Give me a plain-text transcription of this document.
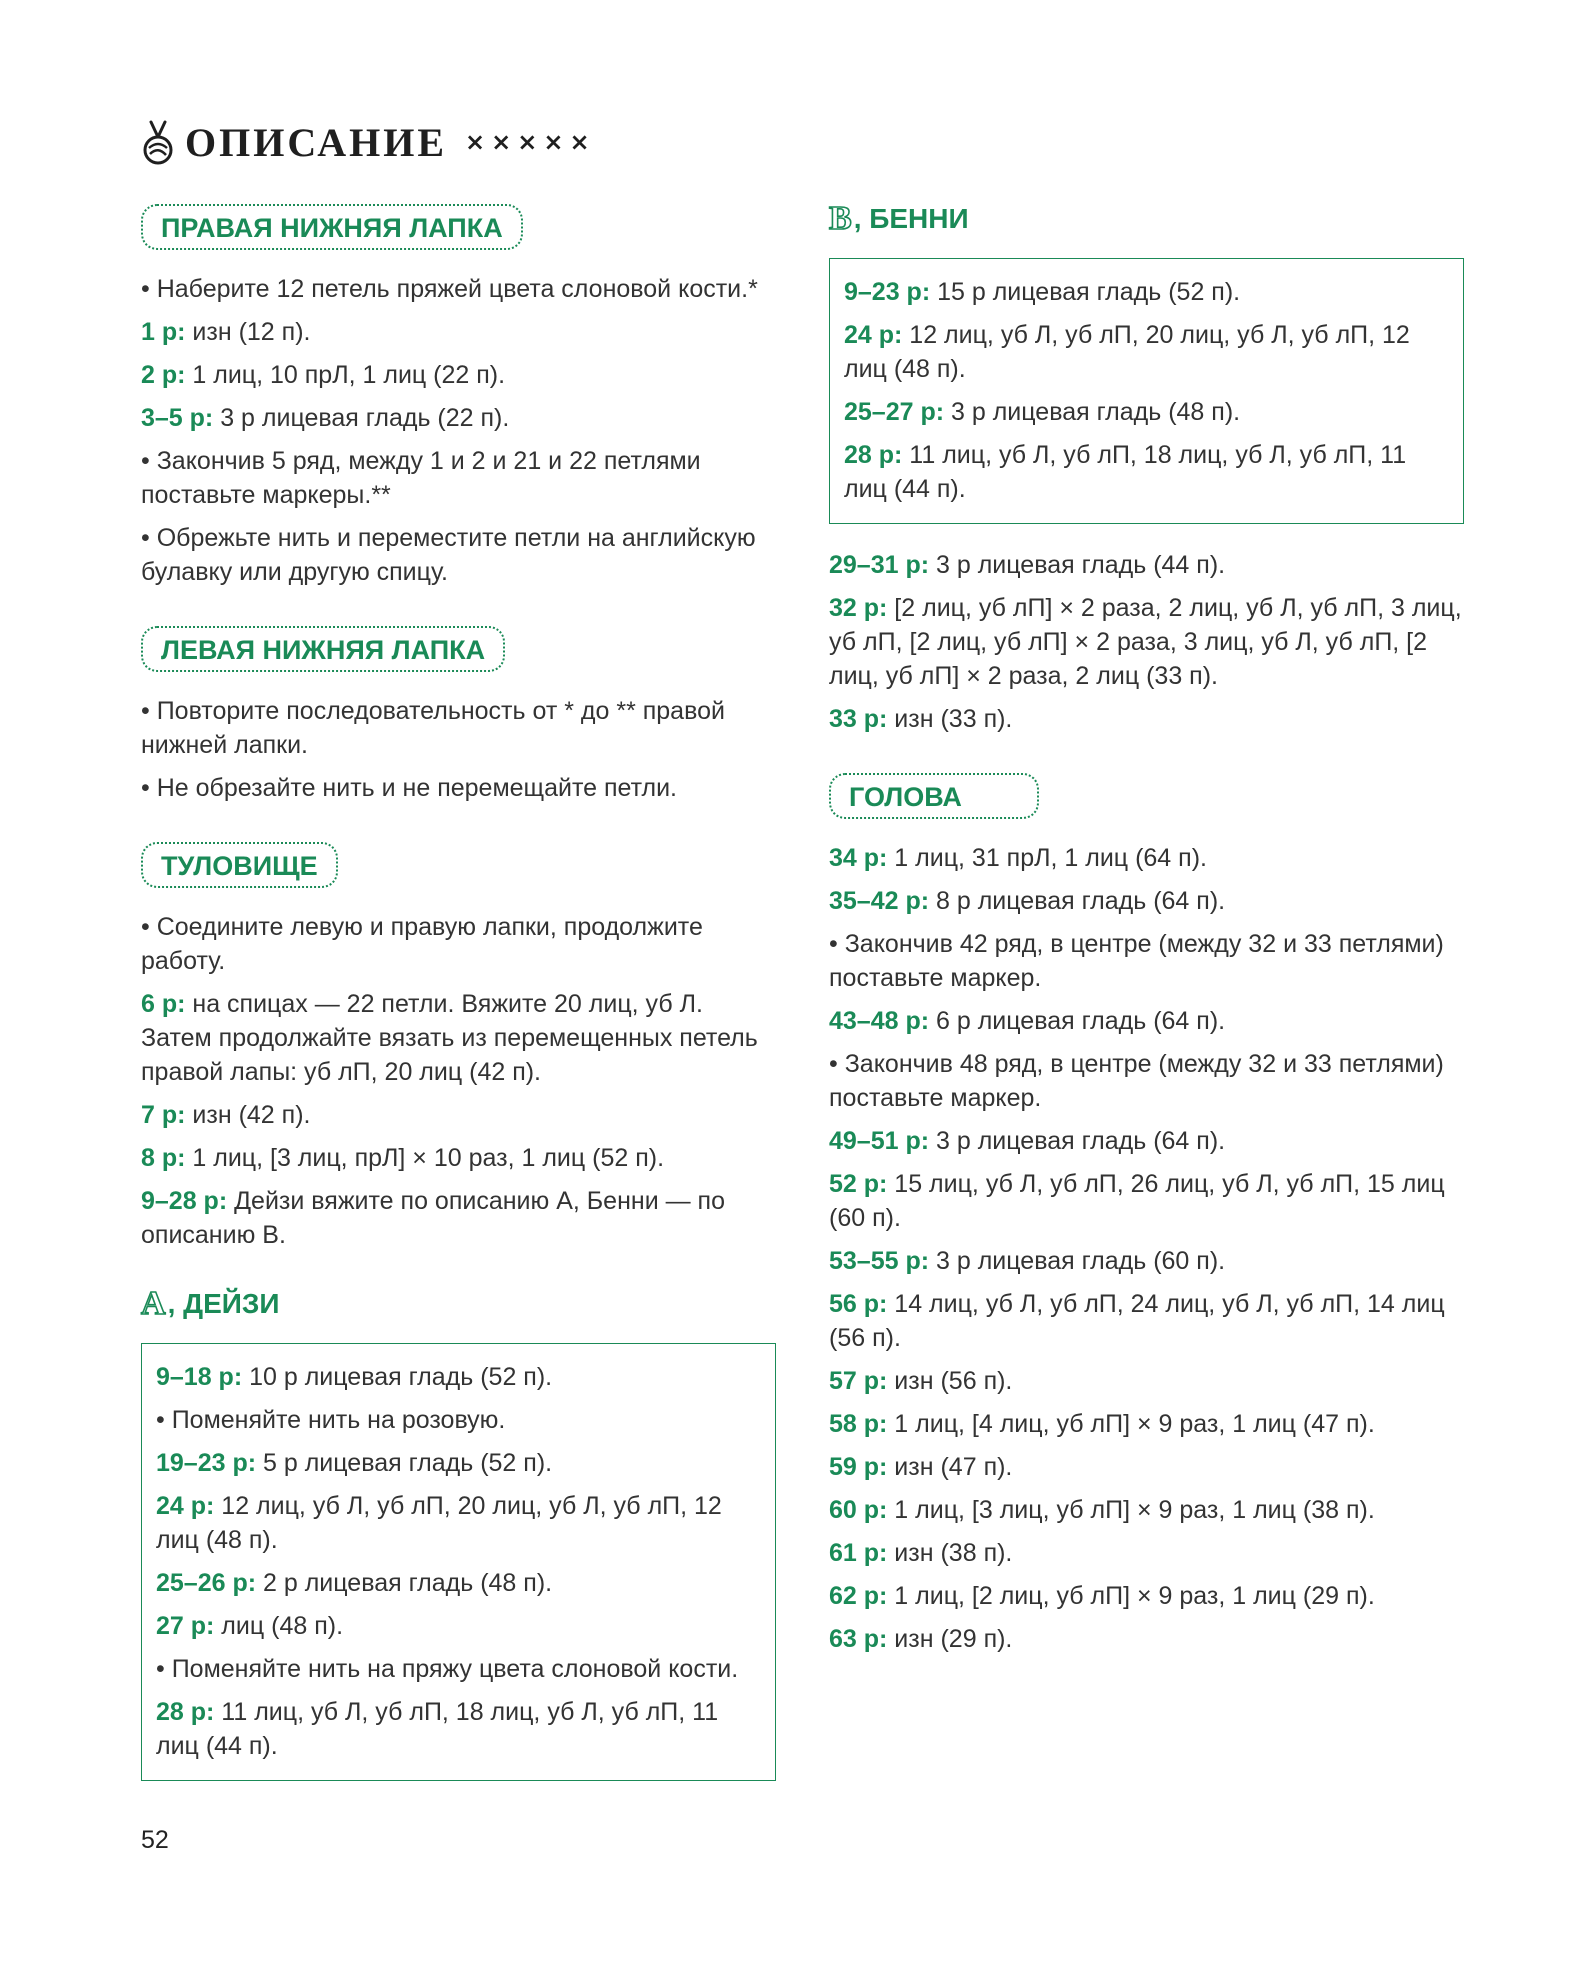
ОПИСАНИЕ ×××××
ПРАВАЯ НИЖНЯЯ ЛАПКА

• Наберите 12 петель пряжей цвета слоновой кости.*

1 р: изн (12 п).

2 р: 1 лиц, 10 прЛ, 1 лиц (22 п).

3–5 р: 3 р лицевая гладь (22 п).

• Закончив 5 ряд, между 1 и 2 и 21 и 22 петлями поставьте маркеры.**

• Обрежьте нить и переместите петли на английскую булавку или другую спицу.

ЛЕВАЯ НИЖНЯЯ ЛАПКА

• Повторите последовательность от * до ** правой нижней лапки.

• Не обрезайте нить и не перемещайте петли.

ТУЛОВИЩЕ

• Соедините левую и правую лапки, продолжите работу.

6 р: на спицах — 22 петли. Вяжите 20 лиц, уб Л. Затем продолжайте вязать из перемещенных петель правой лапы: уб лП, 20 лиц (42 п).

7 р: изн (42 п).

8 р: 1 лиц, [3 лиц, прЛ] × 10 раз, 1 лиц (52 п).

9–28 р: Дейзи вяжите по описанию А, Бенни — по описанию В.

A , ДЕЙЗИ

9–18 р: 10 р лицевая гладь (52 п).

• Поменяйте нить на розовую.

19–23 р: 5 р лицевая гладь (52 п).

24 р: 12 лиц, уб Л, уб лП, 20 лиц, уб Л, уб лП, 12 лиц (48 п).

25–26 р: 2 р лицевая гладь (48 п).

27 р: лиц (48 п).

• Поменяйте нить на пряжу цвета слоновой кости.

28 р: 11 лиц, уб Л, уб лП, 18 лиц, уб Л, уб лП, 11 лиц (44 п).

B , БЕННИ

9–23 р: 15 р лицевая гладь (52 п).

24 р: 12 лиц, уб Л, уб лП, 20 лиц, уб Л, уб лП, 12 лиц (48 п).

25–27 р: 3 р лицевая гладь (48 п).

28 р: 11 лиц, уб Л, уб лП, 18 лиц, уб Л, уб лП, 11 лиц (44 п).

29–31 р: 3 р лицевая гладь (44 п).

32 р: [2 лиц, уб лП] × 2 раза, 2 лиц, уб Л, уб лП, 3 лиц, уб лП, [2 лиц, уб лП] × 2 раза, 3 лиц, уб Л, уб лП, [2 лиц, уб лП] × 2 раза, 2 лиц (33 п).

33 р: изн (33 п).

ГОЛОВА

34 р: 1 лиц, 31 прЛ, 1 лиц (64 п).

35–42 р: 8 р лицевая гладь (64 п).

• Закончив 42 ряд, в центре (между 32 и 33 петлями) поставьте маркер.

43–48 р: 6 р лицевая гладь (64 п).

• Закончив 48 ряд, в центре (между 32 и 33 петлями) поставьте маркер.

49–51 р: 3 р лицевая гладь (64 п).

52 р: 15 лиц, уб Л, уб лП, 26 лиц, уб Л, уб лП, 15 лиц (60 п).

53–55 р: 3 р лицевая гладь (60 п).

56 р: 14 лиц, уб Л, уб лП, 24 лиц, уб Л, уб лП, 14 лиц (56 п).

57 р: изн (56 п).

58 р: 1 лиц, [4 лиц, уб лП] × 9 раз, 1 лиц (47 п).

59 р: изн (47 п).

60 р: 1 лиц, [3 лиц, уб лП] × 9 раз, 1 лиц (38 п).

61 р: изн (38 п).

62 р: 1 лиц, [2 лиц, уб лП] × 9 раз, 1 лиц (29 п).

63 р: изн (29 п).

52
